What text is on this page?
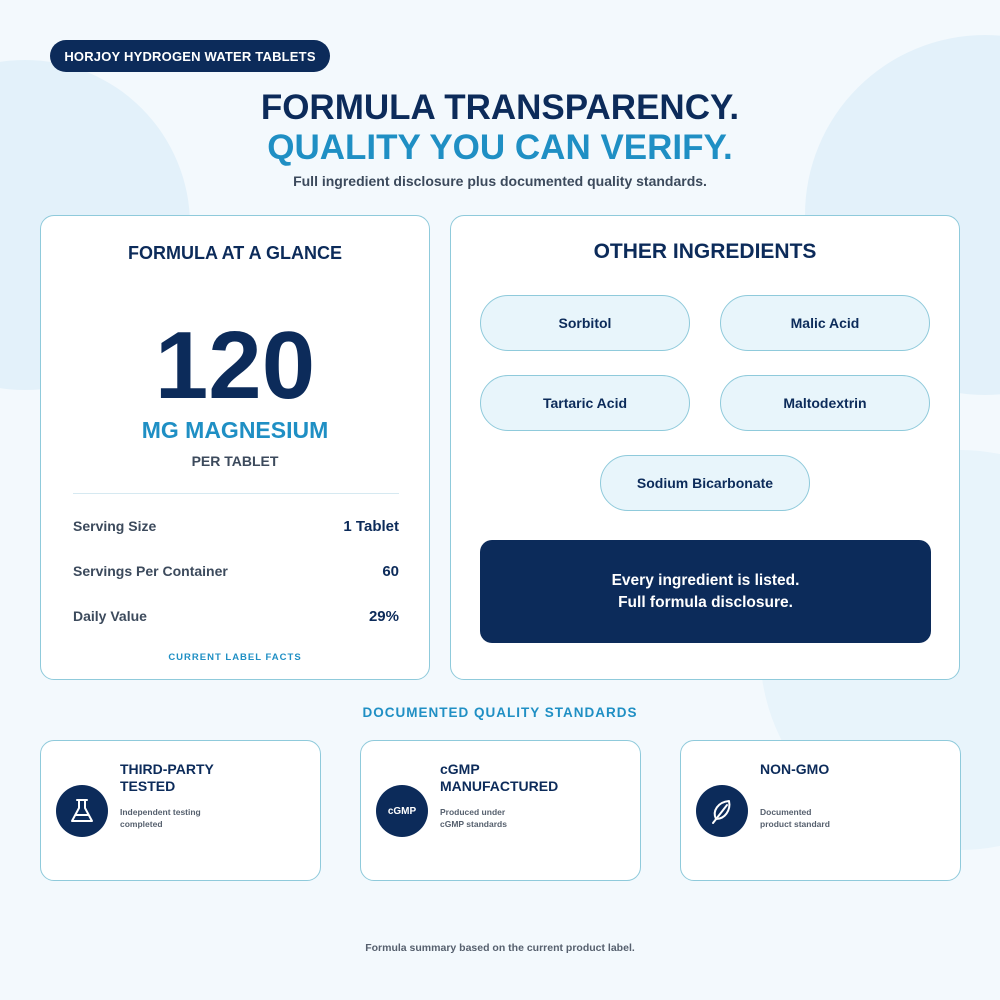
HORJOY HYDROGEN WATER TABLETS
FORMULA TRANSPARENCY.
QUALITY YOU CAN VERIFY.

Full ingredient disclosure plus documented quality standards.

FORMULA AT A GLANCE
120
MG MAGNESIUM
PER TABLET
Serving Size	1 Tablet
Servings Per Container	60
Daily Value	29%
CURRENT LABEL FACTS
OTHER INGREDIENTS
Sorbitol	Malic Acid
Tartaric Acid	Maltodextrin
Sodium Bicarbonate
Every ingredient is listed.
Full formula disclosure.
DOCUMENTED QUALITY STANDARDS
THIRD-PARTY
TESTED
Independent testing
completed
cGMP
cGMP
MANUFACTURED
Produced under
cGMP standards
NON-GMO
Documented
product standard
Formula summary based on the current product label.
